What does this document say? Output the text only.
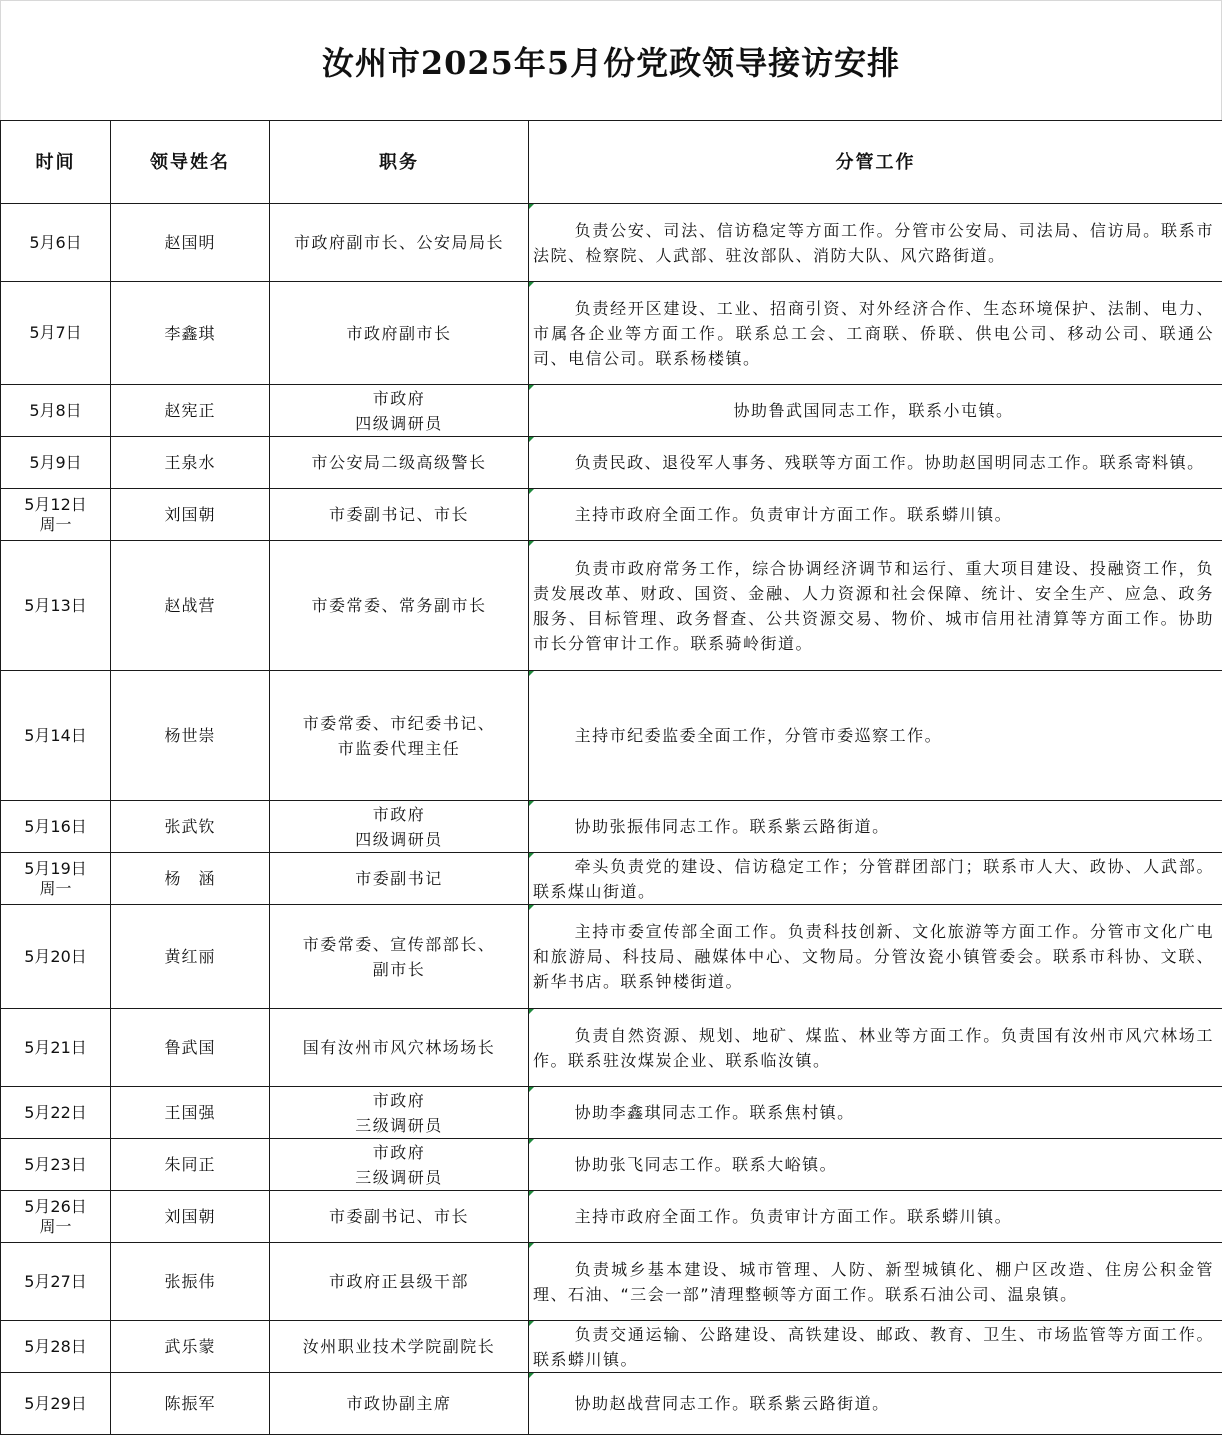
汝州市2025年5月份党政领导接访安排
时间	领导姓名	职务	分管工作

5月6日	赵国明	市政府副市长、公安局局长	负责公安、司法、信访稳定等方面工作。分管市公安局、司法局、信访局。联系市法院、检察院、人武部、驻汝部队、消防大队、风穴路街道。

5月7日	李鑫琪	市政府副市长	负责经开区建设、工业、招商引资、对外经济合作、生态环境保护、法制、电力、市属各企业等方面工作。联系总工会、工商联、侨联、供电公司、移动公司、联通公司、电信公司。联系杨楼镇。

5月8日	赵宪正	市政府
四级调研员	协助鲁武国同志工作，联系小屯镇。

5月9日	王泉水	市公安局二级高级警长	负责民政、退役军人事务、残联等方面工作。协助赵国明同志工作。联系寄料镇。

5月12日
周一	刘国朝	市委副书记、市长	主持市政府全面工作。负责审计方面工作。联系蟒川镇。

5月13日	赵战营	市委常委、常务副市长	负责市政府常务工作，综合协调经济调节和运行、重大项目建设、投融资工作，负责发展改革、财政、国资、金融、人力资源和社会保障、统计、安全生产、应急、政务服务、目标管理、政务督查、公共资源交易、物价、城市信用社清算等方面工作。协助市长分管审计工作。联系骑岭街道。

5月14日	杨世崇	市委常委、市纪委书记、
市监委代理主任	主持市纪委监委全面工作，分管市委巡察工作。

5月16日	张武钦	市政府
四级调研员	协助张振伟同志工作。联系紫云路街道。

5月19日
周一	杨　涵	市委副书记	牵头负责党的建设、信访稳定工作；分管群团部门；联系市人大、政协、人武部。联系煤山街道。

5月20日	黄红丽	市委常委、宣传部部长、
副市长	主持市委宣传部全面工作。负责科技创新、文化旅游等方面工作。分管市文化广电和旅游局、科技局、融媒体中心、文物局。分管汝瓷小镇管委会。联系市科协、文联、新华书店。联系钟楼街道。

5月21日	鲁武国	国有汝州市风穴林场场长	负责自然资源、规划、地矿、煤监、林业等方面工作。负责国有汝州市风穴林场工作。联系驻汝煤炭企业、联系临汝镇。

5月22日	王国强	市政府
三级调研员	协助李鑫琪同志工作。联系焦村镇。

5月23日	朱同正	市政府
三级调研员	协助张飞同志工作。联系大峪镇。

5月26日
周一	刘国朝	市委副书记、市长	主持市政府全面工作。负责审计方面工作。联系蟒川镇。

5月27日	张振伟	市政府正县级干部	负责城乡基本建设、城市管理、人防、新型城镇化、棚户区改造、住房公积金管理、石油、“三会一部”清理整顿等方面工作。联系石油公司、温泉镇。

5月28日	武乐蒙	汝州职业技术学院副院长	负责交通运输、公路建设、高铁建设、邮政、教育、卫生、市场监管等方面工作。联系蟒川镇。

5月29日	陈振军	市政协副主席	协助赵战营同志工作。联系紫云路街道。
